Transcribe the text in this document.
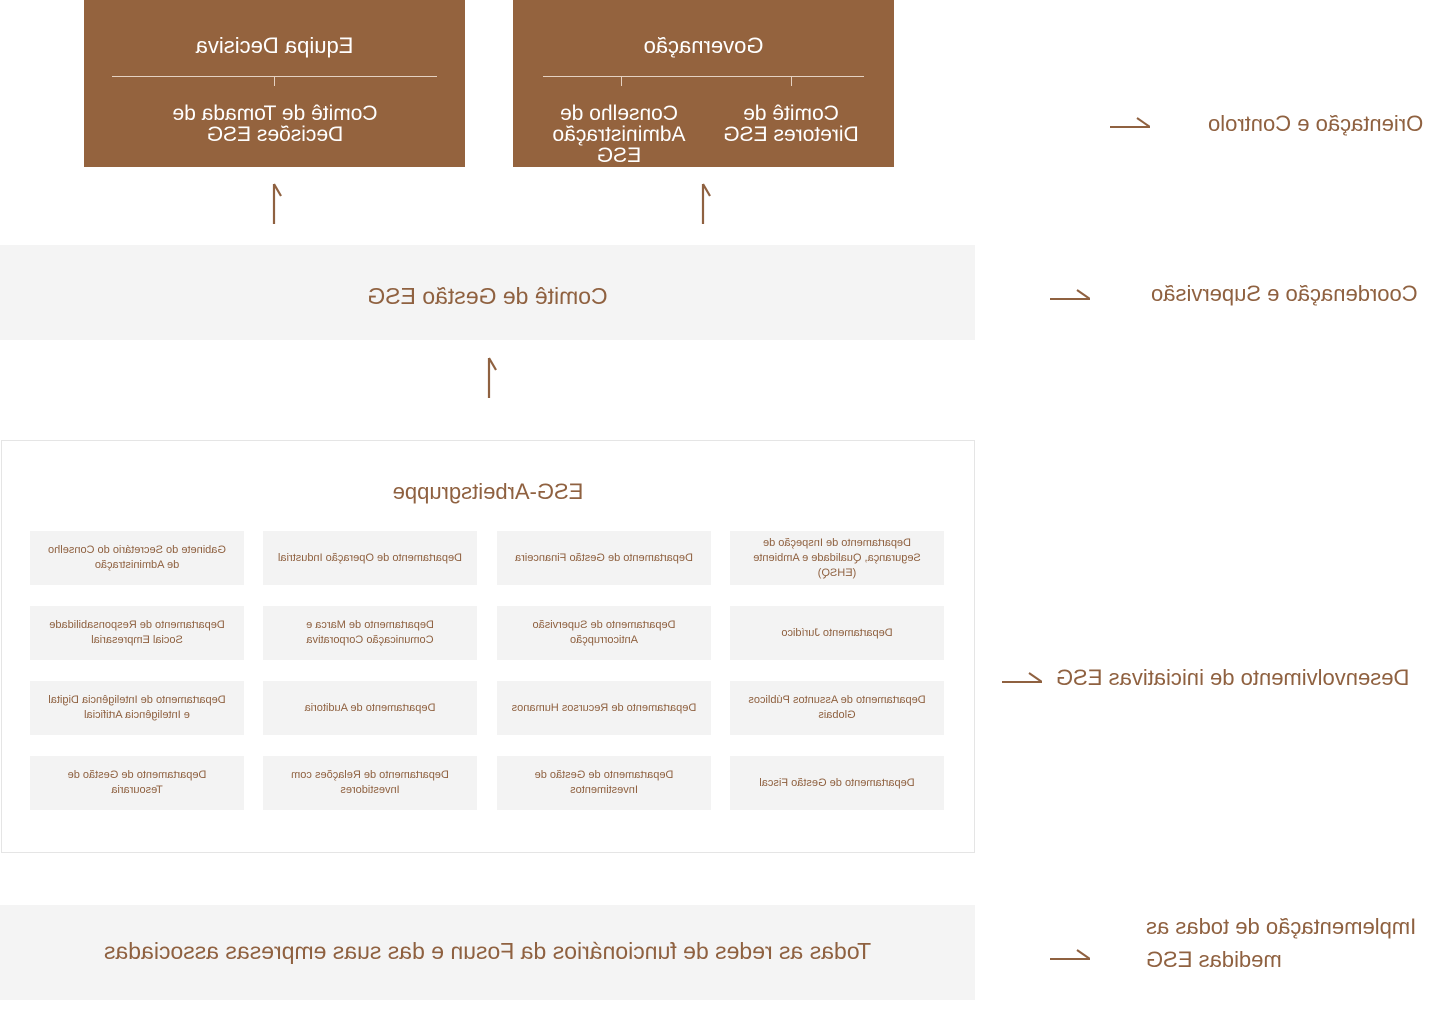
Governação
Comitê de Diretores ESG
Conselho de Administração ESG
Equipa Decisiva
Comitê de Tomada de Decisões ESG
Comitê de Gestão ESG
ESG-Arbeitsgruppe
Departamento de Inspeção de Segurança, Qualidade e Ambiente (EHSQ)
Departamento de Gestão Financeira
Departamento de Operação Industrial
Gabinete do Secretário do Conselho de Administração
Departamento Jurídico
Departamento de Supervisão Anticorrupção
Departamento de Marca e Comunicação Corporativa
Departamento de Responsabilidade Social Empresarial
Departamento de Assuntos Públicos Globais
Departamento de Recursos Humanos
Departamento de Auditoria
Departamento de Inteligência Digital e Inteligência Artificial
Departamento de Gestão Fiscal
Departamento de Gestão de Investimentos
Departamento de Relações com Investidores
Departamento de Gestão de Tesouraria
Todas as redes de funcionários da Fosun e das suas empresas associadas
Orientação e Controlo
Coordenação e Supervisão
Desenvolvimento de iniciativas ESG
Implementação de todas as medidas ESG
